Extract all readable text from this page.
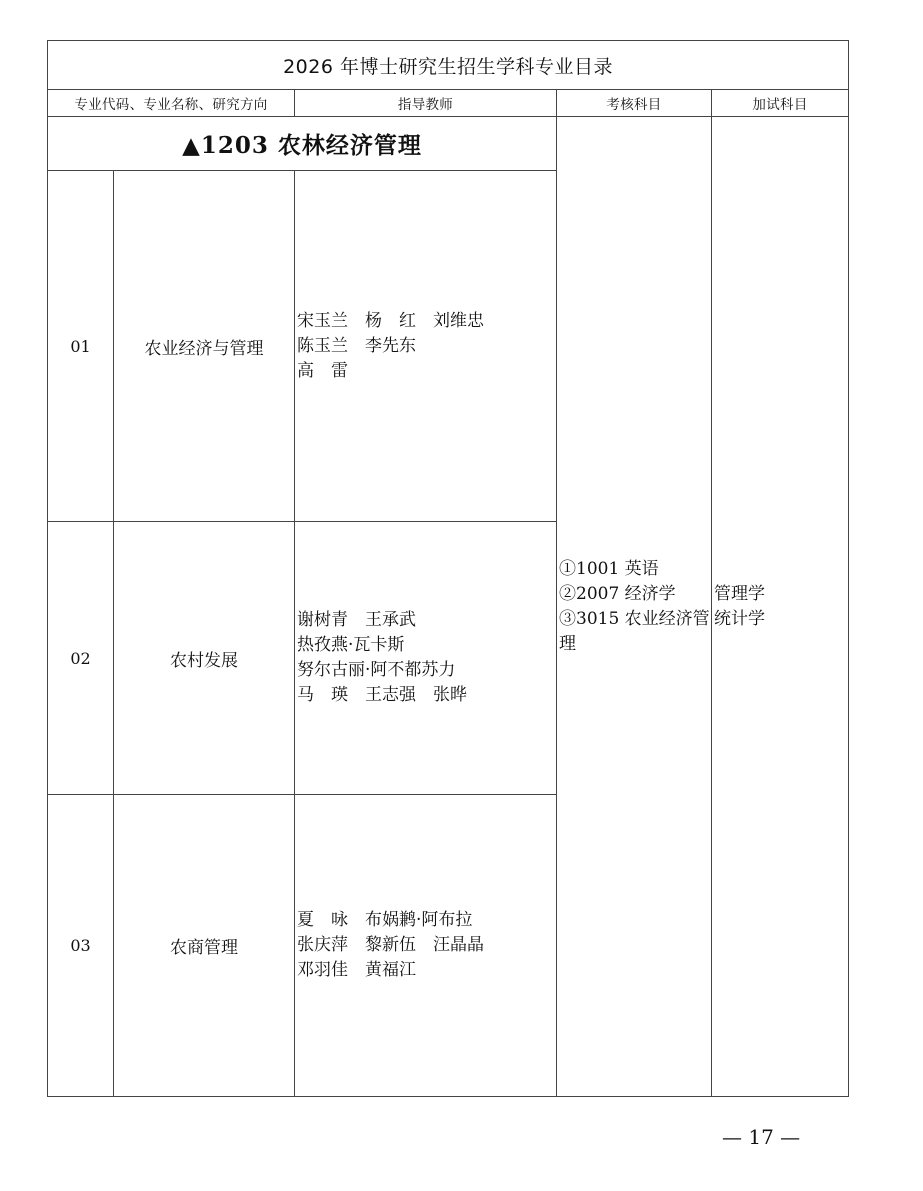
2026 年博士研究生招生学科专业目录				
专业代码、专业名称、研究方向		指导教师	考核科目	加试科目
▲1203 农林经济管理			①1001 英语
②2007 经济学
③3015 农业经济管理	管理学
统计学

01	农业经济与管理	宋玉兰　杨　红　刘维忠
陈玉兰　李先东
高　雷		

02	农村发展	谢树青　王承武
热孜燕·瓦卡斯
努尔古丽·阿不都苏力
马　瑛　王志强　张晔		

03	农商管理	夏　咏　布娲鹣·阿布拉
张庆萍　黎新伍　汪晶晶
邓羽佳　黄福江		
— 17 —
